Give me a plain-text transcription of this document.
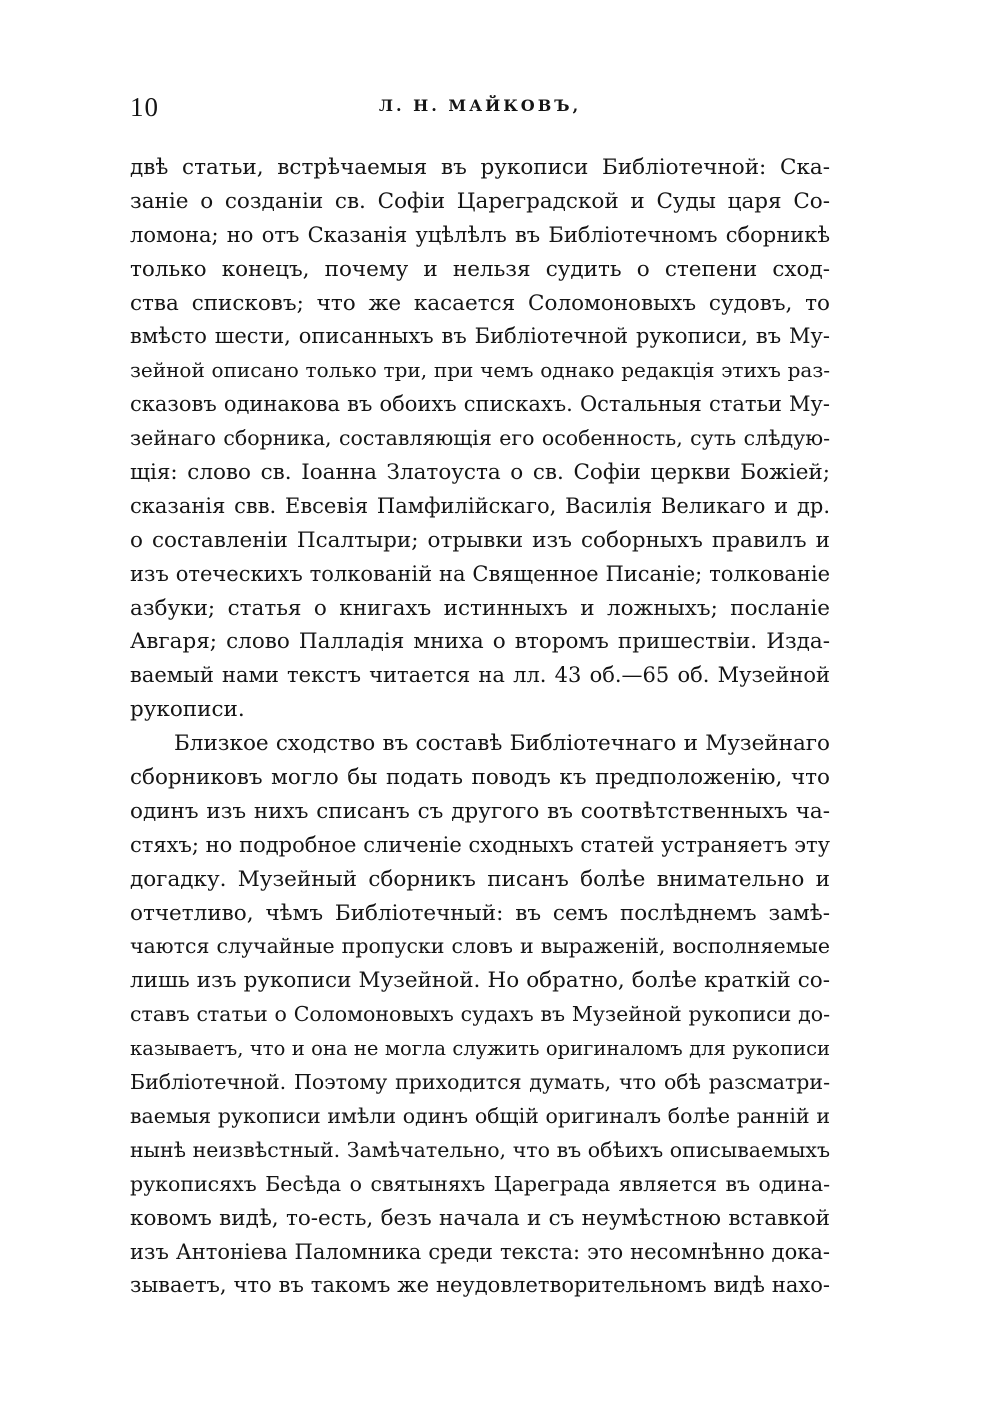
10	Л. Н. МАЙКОВЪ,
двѣ статьи, встрѣчаемыя въ рукописи Библіотечной: Ска-
заніе о созданіи св. Софіи Цареградской и Суды царя Со-
ломона; но отъ Сказанія уцѣлѣлъ въ Библіотечномъ сборникѣ
только конецъ, почему и нельзя судить о степени сход-
ства списковъ; что же касается Соломоновыхъ судовъ, то
вмѣсто шести, описанныхъ въ Библіотечной рукописи, въ Му-
зейной описано только три, при чемъ однако редакція этихъ раз-
сказовъ одинакова въ обоихъ спискахъ. Остальныя статьи Му-
зейнаго сборника, составляющія его особенность, суть слѣдую-
щія: слово св. Іоанна Златоуста о св. Софіи церкви Божіей;
сказанія свв. Евсевія Памфилійскаго, Василія Великаго и др.
о составленіи Псалтыри; отрывки изъ соборныхъ правилъ и
изъ отеческихъ толкованій на Священное Писаніе; толкованіе
азбуки; статья о книгахъ истинныхъ и ложныхъ; посланіе
Авгаря; слово Палладія мниха о второмъ пришествіи. Изда-
ваемый нами текстъ читается на лл. 43 об.—65 об. Музейной
рукописи.
Близкое сходство въ составѣ Библіотечнаго и Музейнаго
сборниковъ могло бы подать поводъ къ предположенію, что
одинъ изъ нихъ списанъ съ другого въ соотвѣтственныхъ ча-
стяхъ; но подробное сличеніе сходныхъ статей устраняетъ эту
догадку. Музейный сборникъ писанъ болѣе внимательно и
отчетливо, чѣмъ Библіотечный: въ семъ послѣднемъ замѣ-
чаются случайные пропуски словъ и выраженій, восполняемые
лишь изъ рукописи Музейной. Но обратно, болѣе краткій со-
ставъ статьи о Соломоновыхъ судахъ въ Музейной рукописи до-
казываетъ, что и она не могла служить оригиналомъ для рукописи
Библіотечной. Поэтому приходится думать, что обѣ разсматри-
ваемыя рукописи имѣли одинъ общій оригиналъ болѣе ранній и
нынѣ неизвѣстный. Замѣчательно, что въ обѣихъ описываемыхъ
рукописяхъ Бесѣда о святыняхъ Цареграда является въ одина-
ковомъ видѣ, то-есть, безъ начала и съ неумѣстною вставкой
изъ Антоніева Паломника среди текста: это несомнѣнно дока-
зываетъ, что въ такомъ же неудовлетворительномъ видѣ нахо-
